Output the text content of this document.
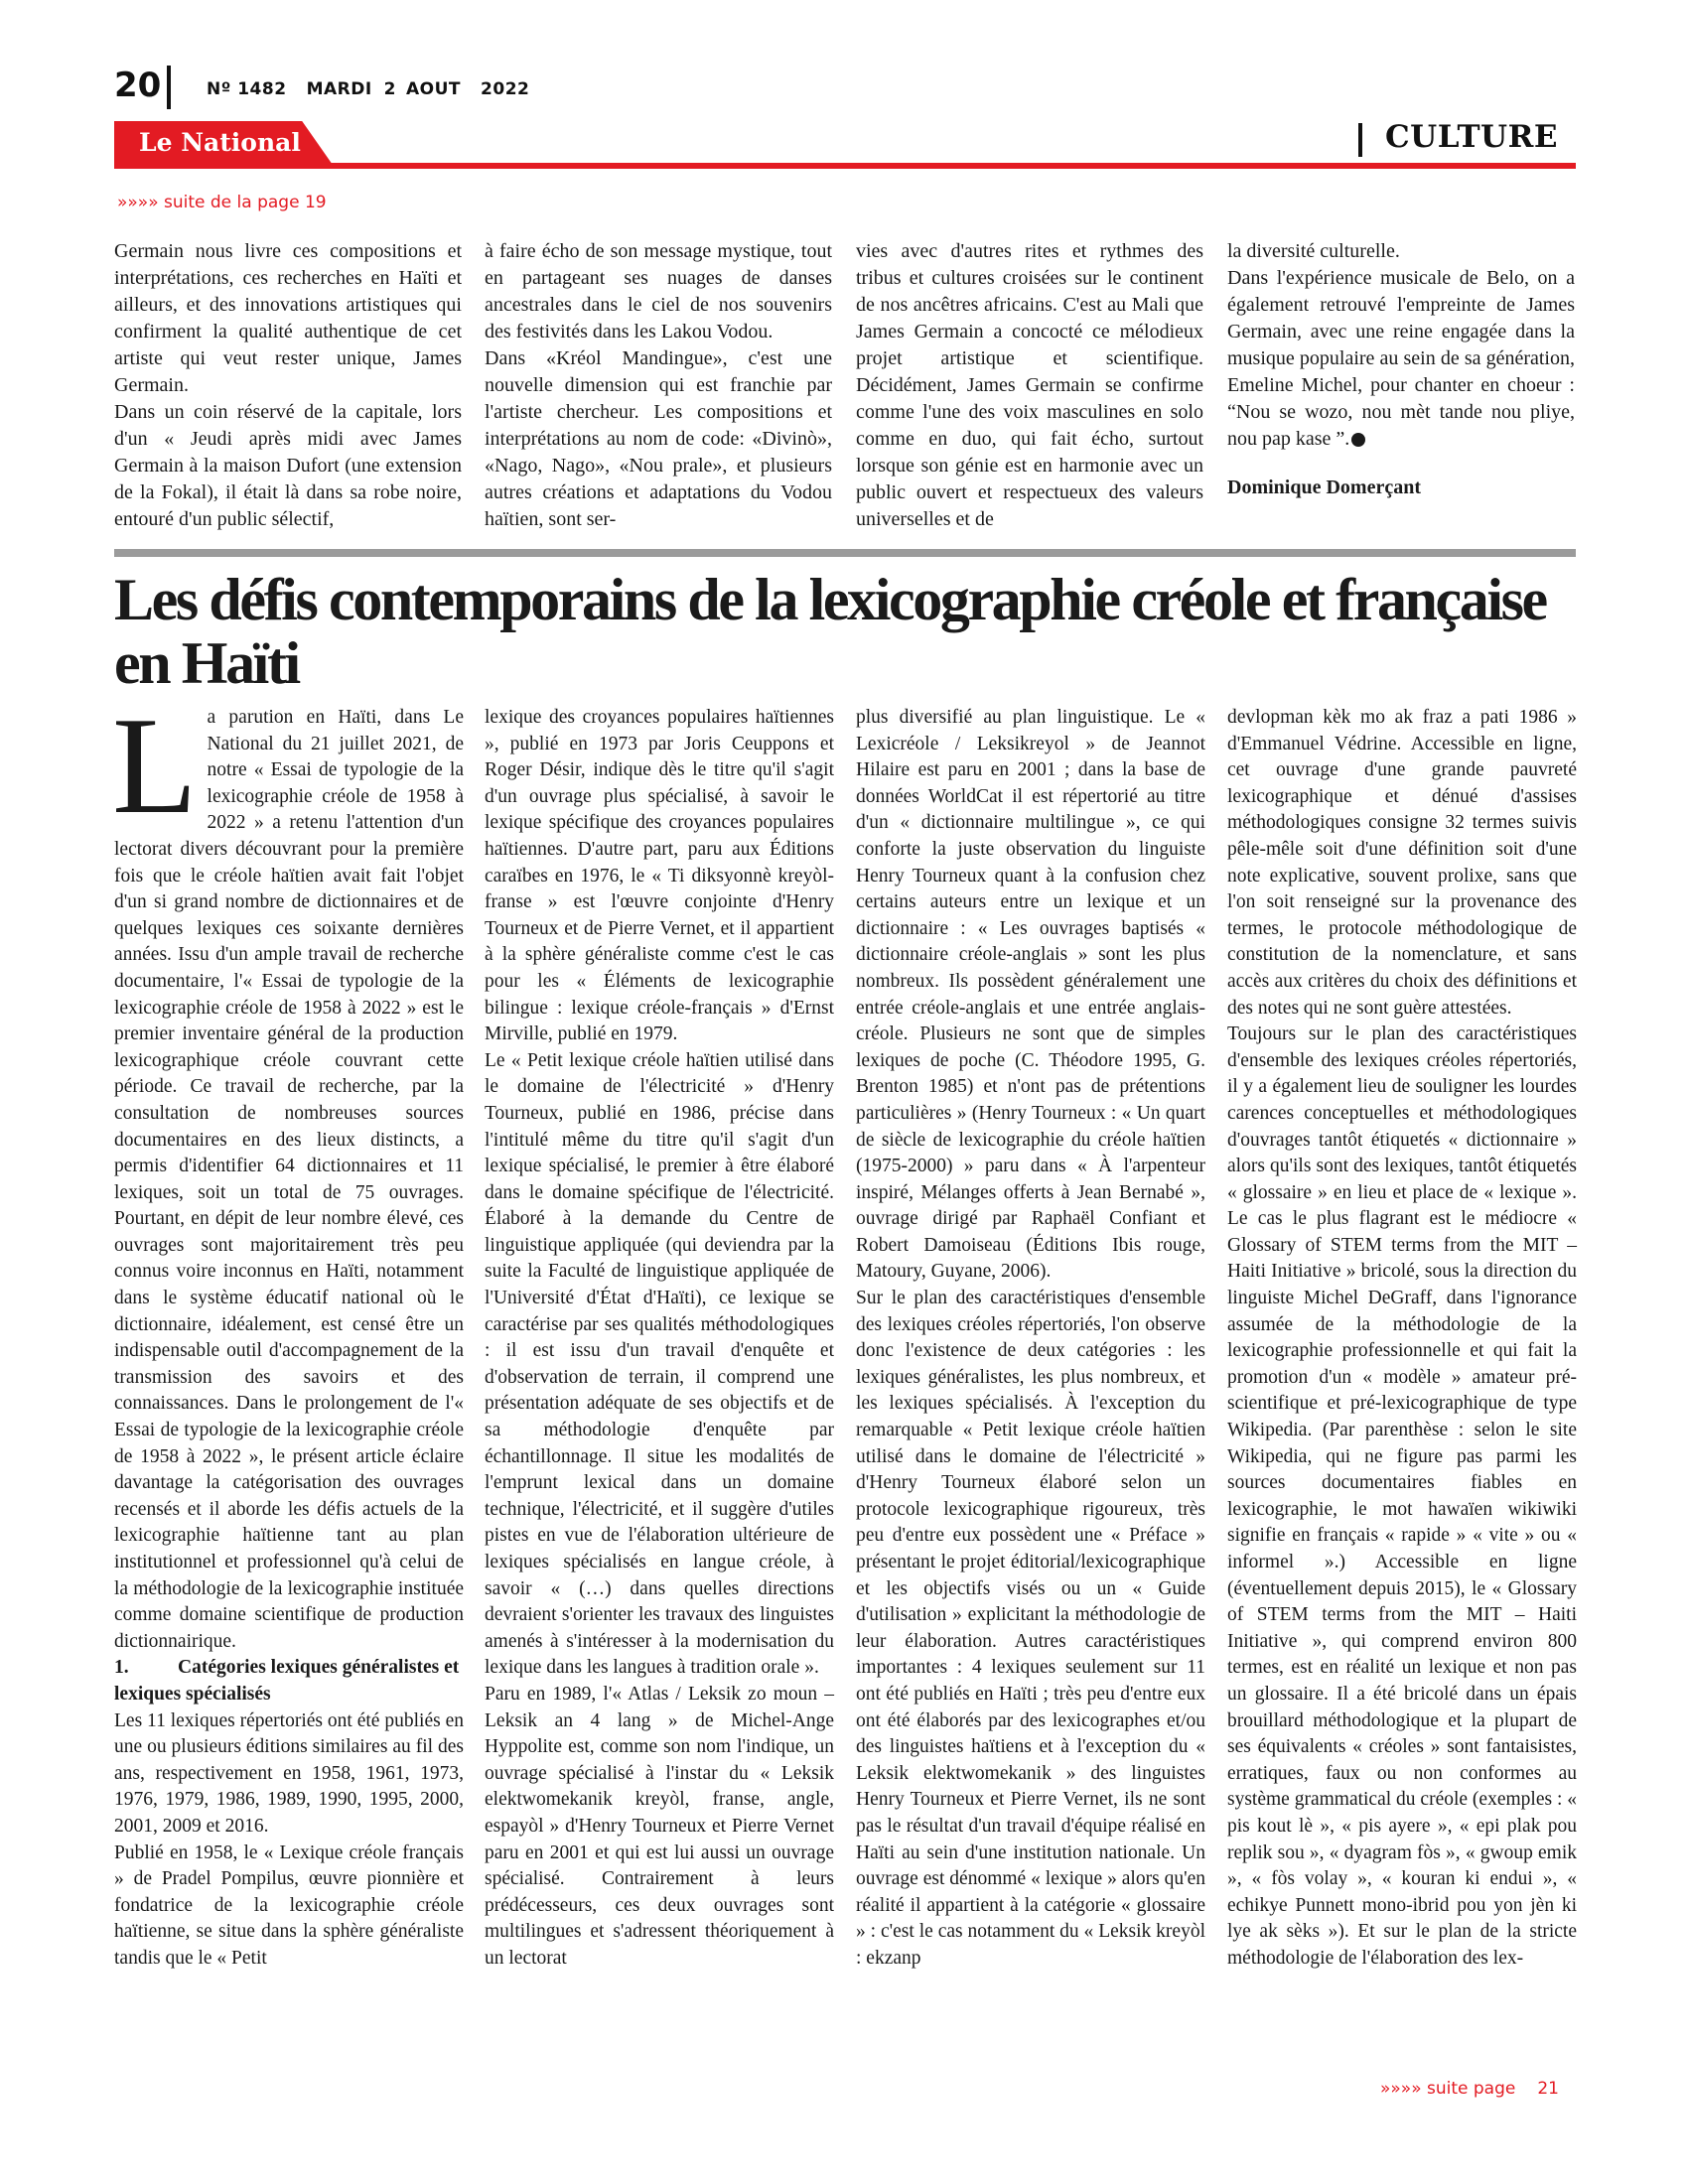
20	Nº 1482 MARDI 2 AOUT 2022
Le National	CULTURE
»»»» suite de la page 19

Germain nous livre ces compositions et interprétations, ces recherches en Haïti et ailleurs, et des innovations artistiques qui confirment la qualité authentique de cet artiste qui veut rester unique, James Germain.

Dans un coin réservé de la capitale, lors d'un « Jeudi après midi avec James Germain à la maison Dufort (une extension de la Fokal), il était là dans sa robe noire, entouré d'un public sélectif,

à faire écho de son message mystique, tout en partageant ses nuages de danses ancestrales dans le ciel de nos souvenirs des festivités dans les Lakou Vodou.

Dans «Kréol Mandingue», c'est une nouvelle dimension qui est franchie par l'artiste chercheur. Les compositions et interprétations au nom de code: «Divinò», «Nago, Nago», «Nou prale», et plusieurs autres créations et adaptations du Vodou haïtien, sont ser-

vies avec d'autres rites et rythmes des tribus et cultures croisées sur le continent de nos ancêtres africains. C'est au Mali que James Germain a concocté ce mélodieux projet artistique et scientifique. Décidément, James Germain se confirme comme l'une des voix masculines en solo comme en duo, qui fait écho, surtout lorsque son génie est en harmonie avec un public ouvert et respectueux des valeurs universelles et de

la diversité culturelle.

Dans l'expérience musicale de Belo, on a également retrouvé l'empreinte de James Germain, avec une reine engagée dans la musique populaire au sein de sa génération, Emeline Michel, pour chanter en choeur : “Nou se wozo, nou mèt tande nou pliye, nou pap kase ”.

Dominique Domerçant

Les défis contemporains de la lexicographie créole et française en Haïti

La parution en Haïti, dans Le National du 21 juillet 2021, de notre « Essai de typologie de la lexicographie créole de 1958 à 2022 » a retenu l'attention d'un lectorat divers découvrant pour la première fois que le créole haïtien avait fait l'objet d'un si grand nombre de dictionnaires et de quelques lexiques ces soixante dernières années. Issu d'un ample travail de recherche documentaire, l'« Essai de typologie de la lexicographie créole de 1958 à 2022 » est le premier inventaire général de la production lexicographique créole couvrant cette période. Ce travail de recherche, par la consultation de nombreuses sources documentaires en des lieux distincts, a permis d'identifier 64 dictionnaires et 11 lexiques, soit un total de 75 ouvrages. Pourtant, en dépit de leur nombre élevé, ces ouvrages sont majoritairement très peu connus voire inconnus en Haïti, notamment dans le système éducatif national où le dictionnaire, idéalement, est censé être un indispensable outil d'accompagnement de la transmission des savoirs et des connaissances. Dans le prolongement de l'« Essai de typologie de la lexicographie créole de 1958 à 2022 », le présent article éclaire davantage la catégorisation des ouvrages recensés et il aborde les défis actuels de la lexicographie haïtienne tant au plan institutionnel et professionnel qu'à celui de la méthodologie de la lexicographie instituée comme domaine scientifique de production dictionnairique.

1.	Catégories lexiques généralistes et lexiques spécialisés

Les 11 lexiques répertoriés ont été publiés en une ou plusieurs éditions similaires au fil des ans, respectivement en 1958, 1961, 1973, 1976, 1979, 1986, 1989, 1990, 1995, 2000, 2001, 2009 et 2016.

Publié en 1958, le « Lexique créole français » de Pradel Pompilus, œuvre pionnière et fondatrice de la lexicographie créole haïtienne, se situe dans la sphère généraliste tandis que le « Petit

lexique des croyances populaires haïtiennes », publié en 1973 par Joris Ceuppons et Roger Désir, indique dès le titre qu'il s'agit d'un ouvrage plus spécialisé, à savoir le lexique spécifique des croyances populaires haïtiennes. D'autre part, paru aux Éditions caraïbes en 1976, le « Ti diksyonnè kreyòl-franse » est l'œuvre conjointe d'Henry Tourneux et de Pierre Vernet, et il appartient à la sphère généraliste comme c'est le cas pour les « Éléments de lexicographie bilingue : lexique créole-français » d'Ernst Mirville, publié en 1979.

Le « Petit lexique créole haïtien utilisé dans le domaine de l'électricité » d'Henry Tourneux, publié en 1986, précise dans l'intitulé même du titre qu'il s'agit d'un lexique spécialisé, le premier à être élaboré dans le domaine spécifique de l'électricité. Élaboré à la demande du Centre de linguistique appliquée (qui deviendra par la suite la Faculté de linguistique appliquée de l'Université d'État d'Haïti), ce lexique se caractérise par ses qualités méthodologiques : il est issu d'un travail d'enquête et d'observation de terrain, il comprend une présentation adéquate de ses objectifs et de sa méthodologie d'enquête par échantillonnage. Il situe les modalités de l'emprunt lexical dans un domaine technique, l'électricité, et il suggère d'utiles pistes en vue de l'élaboration ultérieure de lexiques spécialisés en langue créole, à savoir « (…) dans quelles directions devraient s'orienter les travaux des linguistes amenés à s'intéresser à la modernisation du lexique dans les langues à tradition orale ».

Paru en 1989, l'« Atlas / Leksik zo moun – Leksik an 4 lang » de Michel-Ange Hyppolite est, comme son nom l'indique, un ouvrage spécialisé à l'instar du « Leksik elektwomekanik kreyòl, franse, angle, espayòl » d'Henry Tourneux et Pierre Vernet paru en 2001 et qui est lui aussi un ouvrage spécialisé. Contrairement à leurs prédécesseurs, ces deux ouvrages sont multilingues et s'adressent théoriquement à un lectorat

plus diversifié au plan linguistique. Le « Lexicréole / Leksikreyol » de Jeannot Hilaire est paru en 2001 ; dans la base de données WorldCat il est répertorié au titre d'un « dictionnaire multilingue », ce qui conforte la juste observation du linguiste Henry Tourneux quant à la confusion chez certains auteurs entre un lexique et un dictionnaire : « Les ouvrages baptisés « dictionnaire créole-anglais » sont les plus nombreux. Ils possèdent généralement une entrée créole-anglais et une entrée anglais-créole. Plusieurs ne sont que de simples lexiques de poche (C. Théodore 1995, G. Brenton 1985) et n'ont pas de prétentions particulières » (Henry Tourneux : « Un quart de siècle de lexicographie du créole haïtien (1975-2000) » paru dans « À l'arpenteur inspiré, Mélanges offerts à Jean Bernabé », ouvrage dirigé par Raphaël Confiant et Robert Damoiseau (Éditions Ibis rouge, Matoury, Guyane, 2006).

Sur le plan des caractéristiques d'ensemble des lexiques créoles répertoriés, l'on observe donc l'existence de deux catégories : les lexiques généralistes, les plus nombreux, et les lexiques spécialisés. À l'exception du remarquable « Petit lexique créole haïtien utilisé dans le domaine de l'électricité » d'Henry Tourneux élaboré selon un protocole lexicographique rigoureux, très peu d'entre eux possèdent une « Préface » présentant le projet éditorial/lexicographique et les objectifs visés ou un « Guide d'utilisation » explicitant la méthodologie de leur élaboration. Autres caractéristiques importantes : 4 lexiques seulement sur 11 ont été publiés en Haïti ; très peu d'entre eux ont été élaborés par des lexicographes et/ou des linguistes haïtiens et à l'exception du « Leksik elektwomekanik » des linguistes Henry Tourneux et Pierre Vernet, ils ne sont pas le résultat d'un travail d'équipe réalisé en Haïti au sein d'une institution nationale. Un ouvrage est dénommé « lexique » alors qu'en réalité il appartient à la catégorie « glossaire » : c'est le cas notamment du « Leksik kreyòl : ekzanp

devlopman kèk mo ak fraz a pati 1986 » d'Emmanuel Védrine. Accessible en ligne, cet ouvrage d'une grande pauvreté lexicographique et dénué d'assises méthodologiques consigne 32 termes suivis pêle-mêle soit d'une définition soit d'une note explicative, souvent prolixe, sans que l'on soit renseigné sur la provenance des termes, le protocole méthodologique de constitution de la nomenclature, et sans accès aux critères du choix des définitions et des notes qui ne sont guère attestées.

Toujours sur le plan des caractéristiques d'ensemble des lexiques créoles répertoriés, il y a également lieu de souligner les lourdes carences conceptuelles et méthodologiques d'ouvrages tantôt étiquetés « dictionnaire » alors qu'ils sont des lexiques, tantôt étiquetés « glossaire » en lieu et place de « lexique ». Le cas le plus flagrant est le médiocre « Glossary of STEM terms from the MIT – Haiti Initiative » bricolé, sous la direction du linguiste Michel DeGraff, dans l'ignorance assumée de la méthodologie de la lexicographie professionnelle et qui fait la promotion d'un « modèle » amateur pré-scientifique et pré-lexicographique de type Wikipedia. (Par parenthèse : selon le site Wikipedia, qui ne figure pas parmi les sources documentaires fiables en lexicographie, le mot hawaïen wikiwiki signifie en français « rapide » « vite » ou « informel ».) Accessible en ligne (éventuellement depuis 2015), le « Glossary of STEM terms from the MIT – Haiti Initiative », qui comprend environ 800 termes, est en réalité un lexique et non pas un glossaire. Il a été bricolé dans un épais brouillard méthodologique et la plupart de ses équivalents « créoles » sont fantaisistes, erratiques, faux ou non conformes au système grammatical du créole (exemples : « pis kout lè », « pis ayere », « epi plak pou replik sou », « dyagram fòs », « gwoup emik », « fòs volay », « kouran ki endui », « echikye Punnett mono-ibrid pou yon jèn ki lye ak sèks »). Et sur le plan de la stricte méthodologie de l'élaboration des lex-

»»»» suite page 21
